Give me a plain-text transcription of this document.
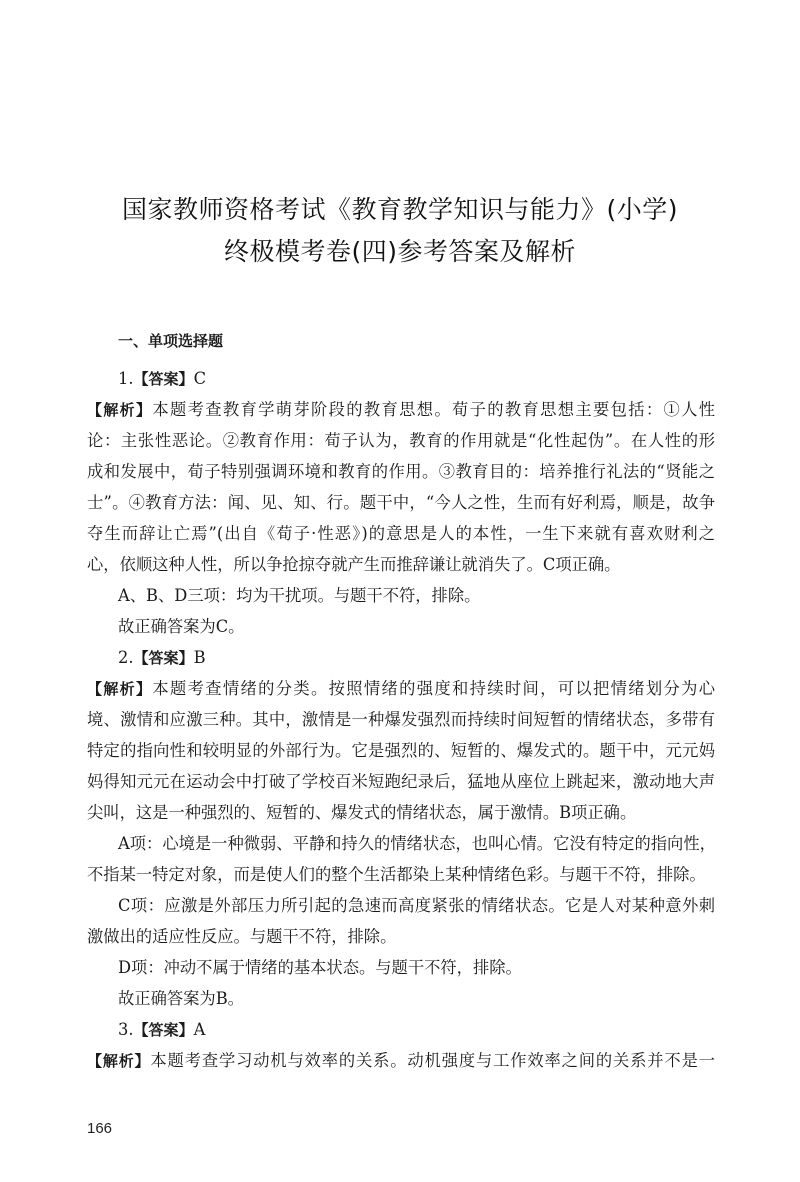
国家教师资格考试《教育教学知识与能力》(小学)
终极模考卷(四)参考答案及解析
一、单项选择题
1.【答案】C
【解析】本题考查教育学萌芽阶段的教育思想。荀子的教育思想主要包括：①人性
论：主张性恶论。②教育作用：荀子认为，教育的作用就是“化性起伪”。在人性的形
成和发展中，荀子特别强调环境和教育的作用。③教育目的：培养推行礼法的“贤能之
士”。④教育方法：闻、见、知、行。题干中，“今人之性，生而有好利焉，顺是，故争
夺生而辞让亡焉”(出自《荀子·性恶》)的意思是人的本性，一生下来就有喜欢财利之
心，依顺这种人性，所以争抢掠夺就产生而推辞谦让就消失了。C项正确。
A、B、D三项：均为干扰项。与题干不符，排除。
故正确答案为C。
2.【答案】B
【解析】本题考查情绪的分类。按照情绪的强度和持续时间，可以把情绪划分为心
境、激情和应激三种。其中，激情是一种爆发强烈而持续时间短暂的情绪状态，多带有
特定的指向性和较明显的外部行为。它是强烈的、短暂的、爆发式的。题干中，元元妈
妈得知元元在运动会中打破了学校百米短跑纪录后，猛地从座位上跳起来，激动地大声
尖叫，这是一种强烈的、短暂的、爆发式的情绪状态，属于激情。B项正确。
A项：心境是一种微弱、平静和持久的情绪状态，也叫心情。它没有特定的指向性，
不指某一特定对象，而是使人们的整个生活都染上某种情绪色彩。与题干不符，排除。
C项：应激是外部压力所引起的急速而高度紧张的情绪状态。它是人对某种意外刺
激做出的适应性反应。与题干不符，排除。
D项：冲动不属于情绪的基本状态。与题干不符，排除。
故正确答案为B。
3.【答案】A
【解析】本题考查学习动机与效率的关系。动机强度与工作效率之间的关系并不是一
166
